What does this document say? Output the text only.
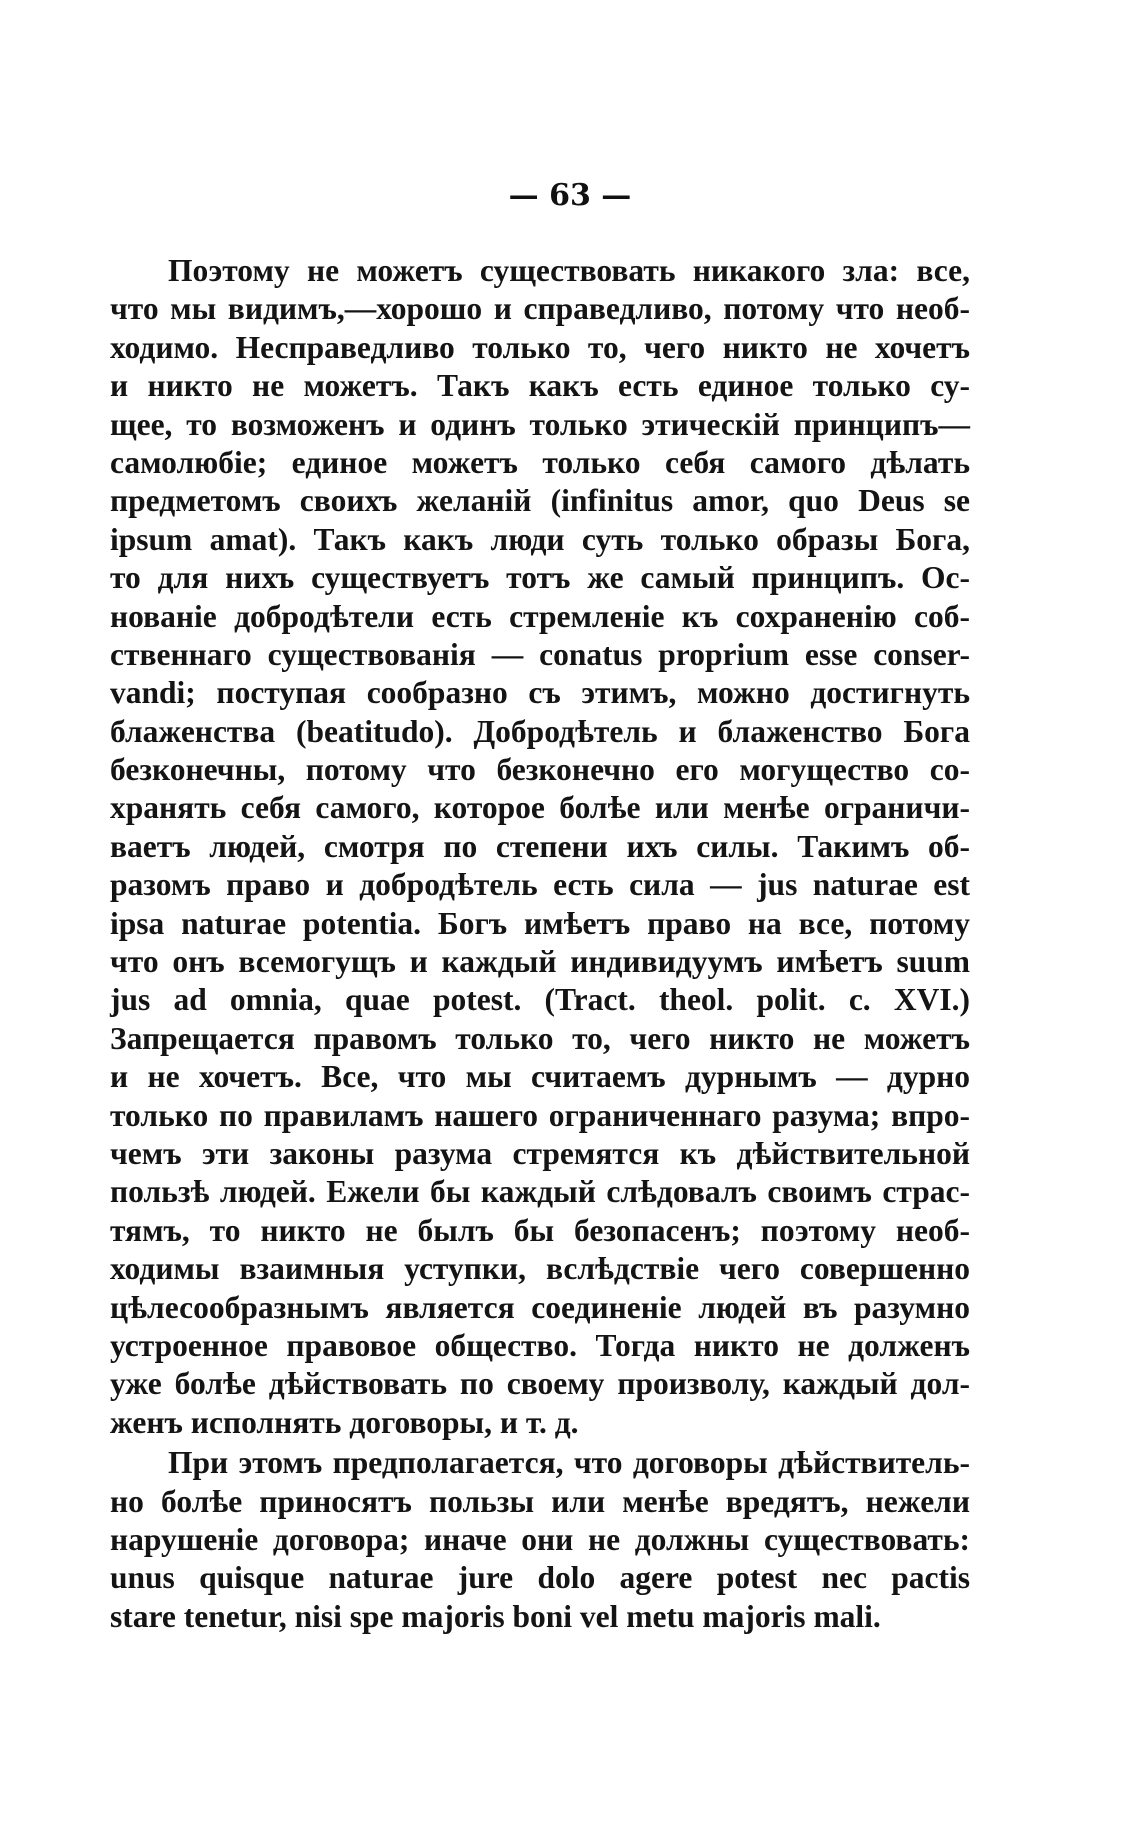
— 63 —
Поэтому не можетъ существовать никакого зла: все,
что мы видимъ,—хорошо и справедливо, потому что необ-
ходимо. Несправедливо только то, чего никто не хочетъ
и никто не можетъ. Такъ какъ есть единое только су-
щее, то возможенъ и одинъ только этическій принципъ—
самолюбіе; единое можетъ только себя самого дѣлать
предметомъ своихъ желаній (infinitus amor, quo Deus se
ipsum amat). Такъ какъ люди суть только образы Бога,
то для нихъ существуетъ тотъ же самый принципъ. Ос-
нованіе добродѣтели есть стремленіе къ сохраненію соб-
ственнаго существованія — conatus proprium esse conser-
vandi; поступая сообразно съ этимъ, можно достигнуть
блаженства (beatitudo). Добродѣтель и блаженство Бога
безконечны, потому что безконечно его могущество со-
хранять себя самого, которое болѣе или менѣе ограничи-
ваетъ людей, смотря по степени ихъ силы. Такимъ об-
разомъ право и добродѣтель есть сила — jus naturae est
ipsa naturae potentia. Богъ имѣетъ право на все, потому
что онъ всемогущъ и каждый индивидуумъ имѣетъ suum
jus ad omnia, quae potest. (Tract. theol. polit. c. XVI.)
Запрещается правомъ только то, чего никто не можетъ
и не хочетъ. Все, что мы считаемъ дурнымъ — дурно
только по правиламъ нашего ограниченнаго разума; впро-
чемъ эти законы разума стремятся къ дѣйствительной
пользѣ людей. Ежели бы каждый слѣдовалъ своимъ страс-
тямъ, то никто не былъ бы безопасенъ; поэтому необ-
ходимы взаимныя уступки, вслѣдствіе чего совершенно
цѣлесообразнымъ является соединеніе людей въ разумно
устроенное правовое общество. Тогда никто не долженъ
уже болѣе дѣйствовать по своему произволу, каждый дол-
женъ исполнять договоры, и т. д.
При этомъ предполагается, что договоры дѣйствитель-
но болѣе приносятъ пользы или менѣе вредятъ, нежели
нарушеніе договора; иначе они не должны существовать:
unus quisque naturae jure dolo agere potest nec pactis
stare tenetur, nisi spe majoris boni vel metu majoris mali.
